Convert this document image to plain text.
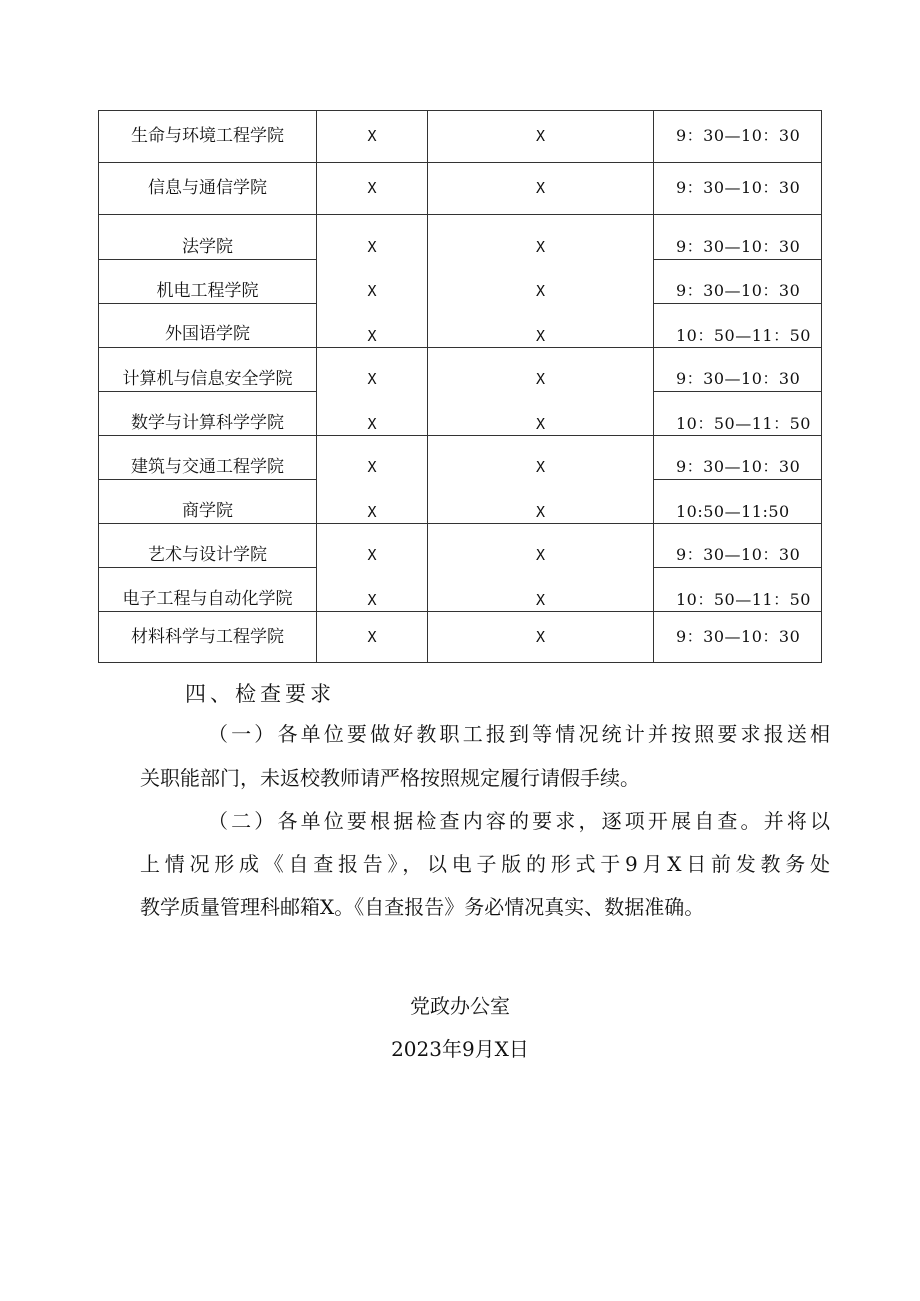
生命与环境工程学院	X	X	9：30—10：30
信息与通信学院	X	X	9：30—10：30
法学院	X	X	9：30—10：30
机电工程学院	X	X	9：30—10：30
外国语学院	X	X	10：50—11：50
计算机与信息安全学院	X	X	9：30—10：30
数学与计算科学学院	X	X	10：50—11：50
建筑与交通工程学院	X	X	9：30—10：30
商学院	X	X	10:50—11:50
艺术与设计学院	X	X	9：30—10：30
电子工程与自动化学院	X	X	10：50—11：50
材料科学与工程学院	X	X	9：30—10：30
四、检查要求
（一）各单位要做好教职工报到等情况统计并按照要求报送相
关职能部门，未返校教师请严格按照规定履行请假手续。
（二）各单位要根据检查内容的要求，逐项开展自查。并将以
上情况形成《自查报告》，以电子版的形式于9月X日前发教务处
教学质量管理科邮箱X。《自查报告》务必情况真实、数据准确。
党政办公室
2023年9月X日
